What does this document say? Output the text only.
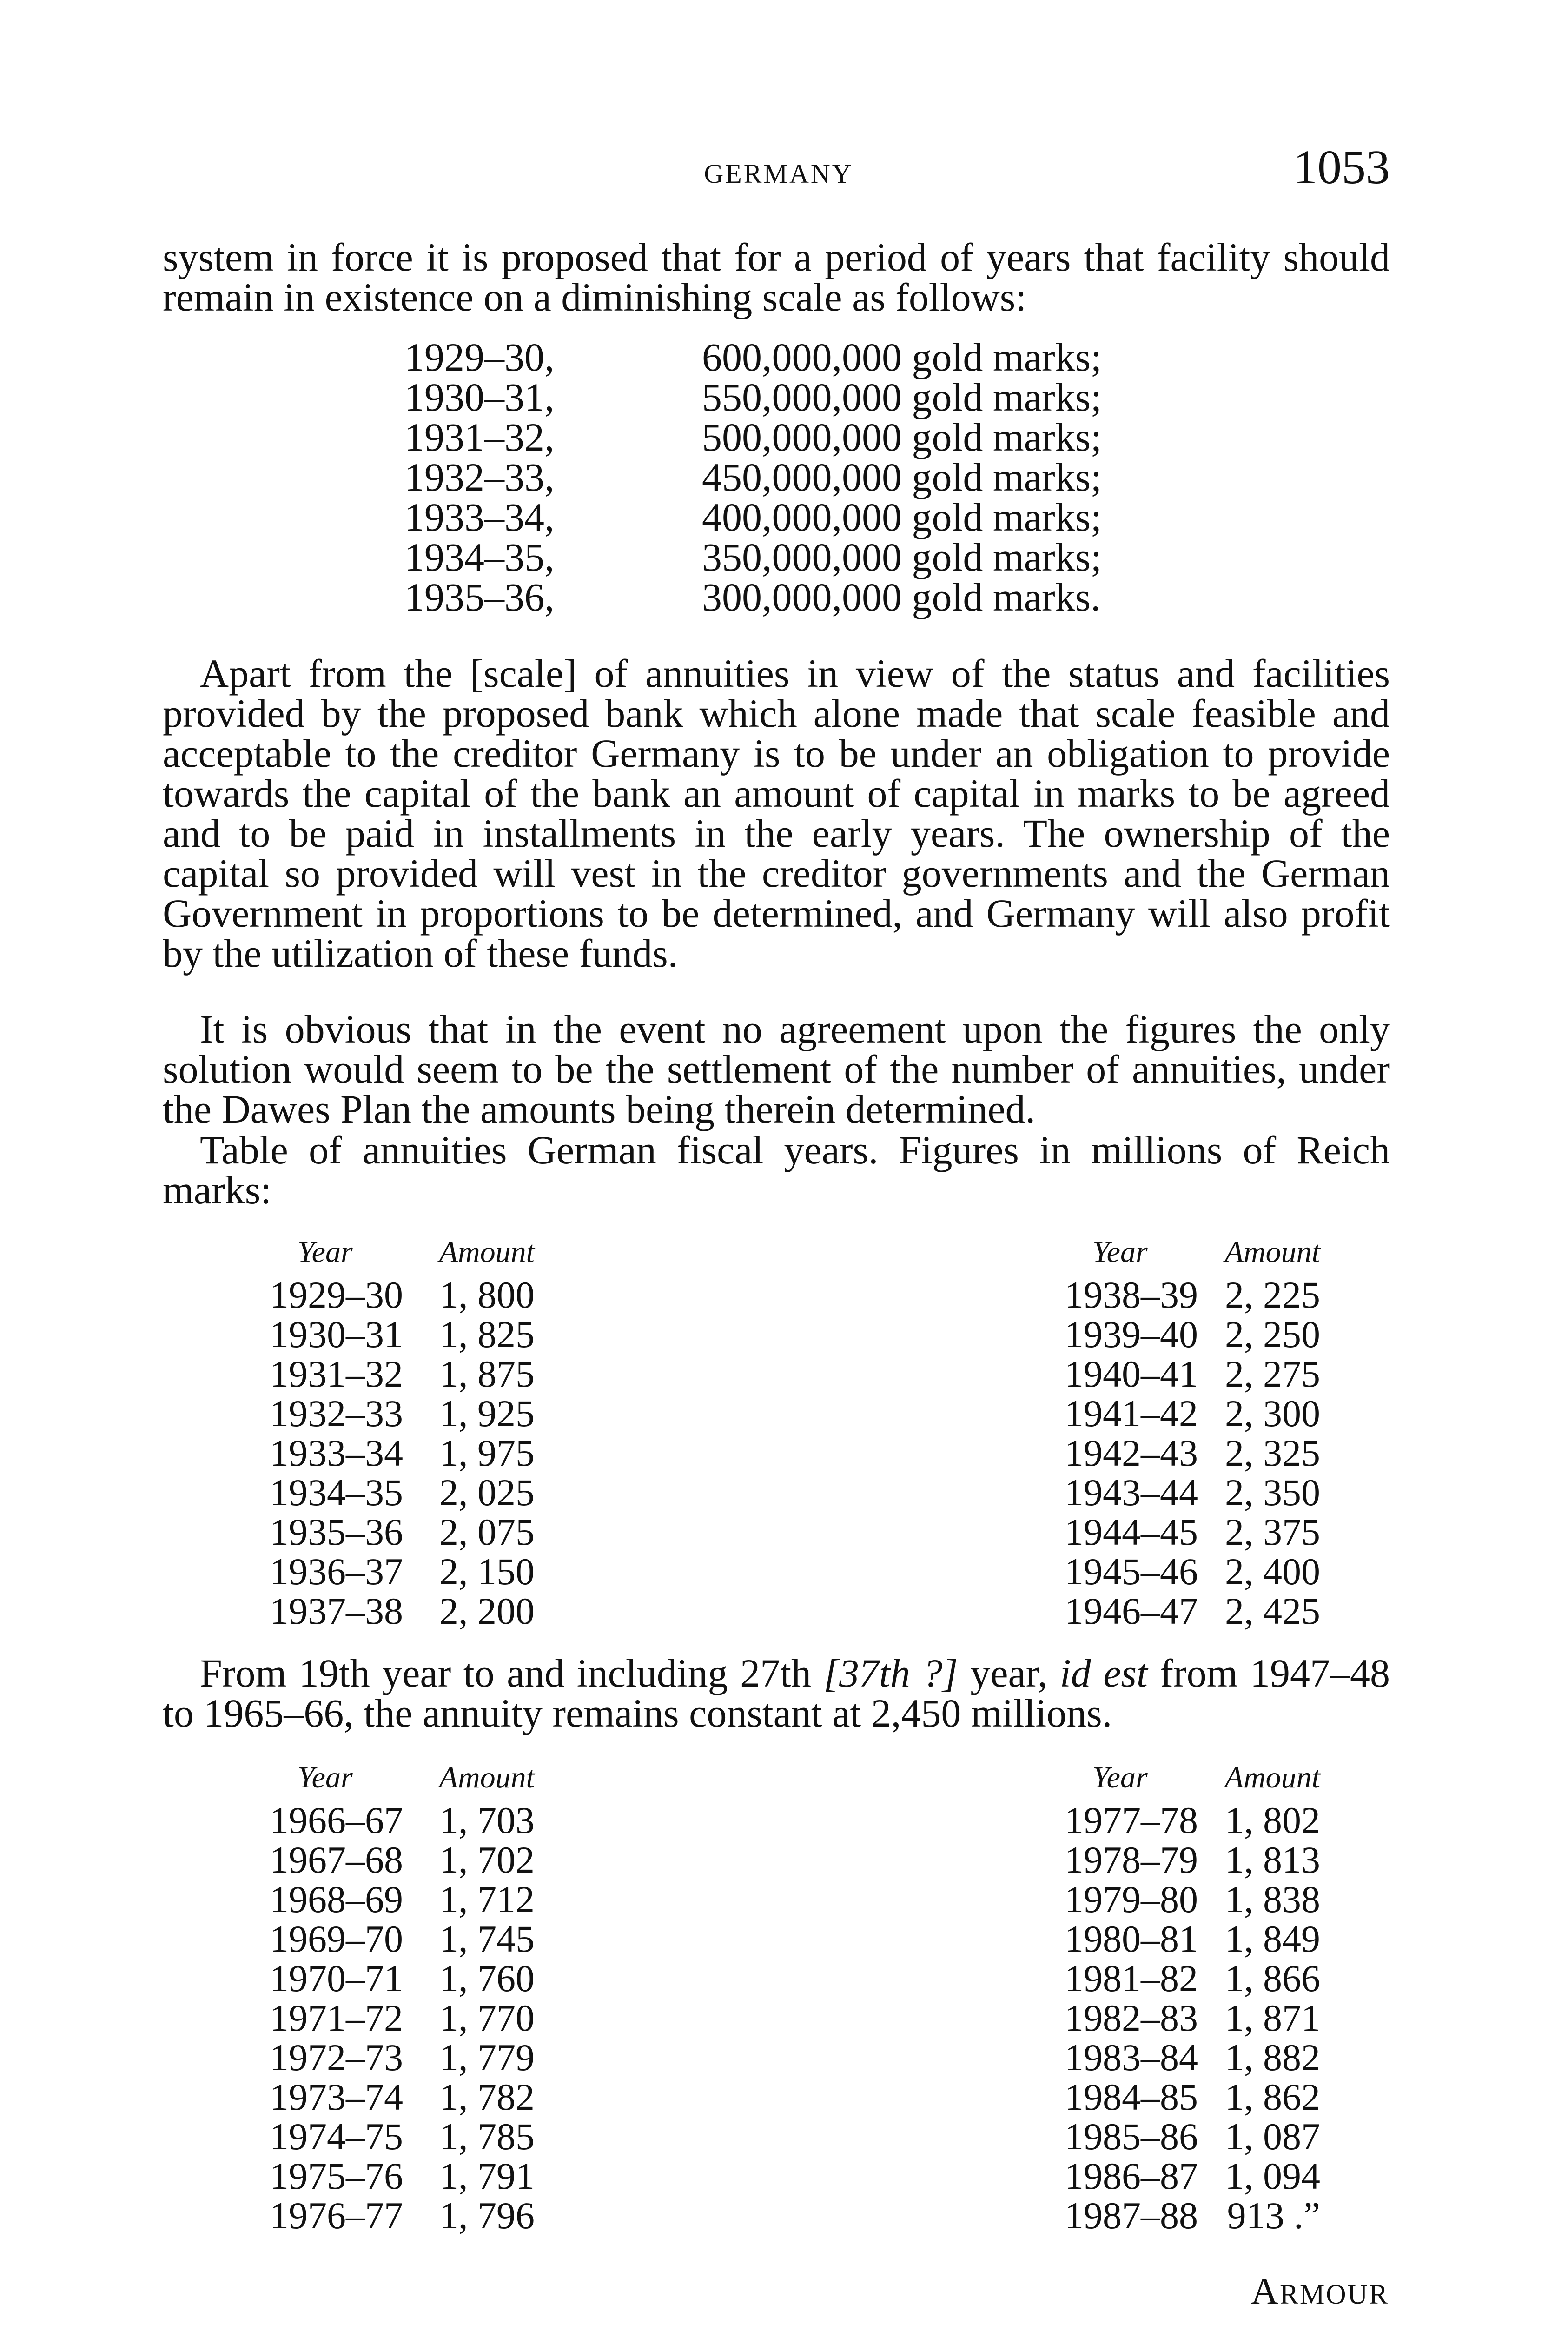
GERMANY	1053

system in force it is proposed that for a period of years that facility should remain in existence on a diminishing scale as follows:

1929–30,	600,000,000 gold marks;
1930–31,	550,000,000 gold marks;
1931–32,	500,000,000 gold marks;
1932–33,	450,000,000 gold marks;
1933–34,	400,000,000 gold marks;
1934–35,	350,000,000 gold marks;
1935–36,	300,000,000 gold marks.

Apart from the [scale] of annuities in view of the status and facilities provided by the proposed bank which alone made that scale feasible and acceptable to the creditor Germany is to be under an obligation to provide towards the capital of the bank an amount of capital in marks to be agreed and to be paid in installments in the early years. The ownership of the capital so provided will vest in the creditor governments and the German Government in proportions to be determined, and Germany will also profit by the utilization of these funds.

It is obvious that in the event no agreement upon the figures the only solution would seem to be the settlement of the number of annuities, under the Dawes Plan the amounts being therein determined.

Table of annuities German fiscal years. Figures in millions of Reich marks:

Year	Amount	Year	Amount
1929–30 1, 800	1938–39 2, 225
1930–31 1, 825	1939–40 2, 250
1931–32 1, 875	1940–41 2, 275
1932–33 1, 925	1941–42 2, 300
1933–34 1, 975	1942–43 2, 325
1934–35 2, 025	1943–44 2, 350
1935–36 2, 075	1944–45 2, 375
1936–37 2, 150	1945–46 2, 400
1937–38 2, 200	1946–47 2, 425

From 19th year to and including 27th [37th ?] year, id est from 1947–48 to 1965–66, the annuity remains constant at 2,450 millions.

Year	Amount	Year	Amount
1966–67 1, 703	1977–78 1, 802
1967–68 1, 702	1978–79 1, 813
1968–69 1, 712	1979–80 1, 838
1969–70 1, 745	1980–81 1, 849
1970–71 1, 760	1981–82 1, 866
1971–72 1, 770	1982–83 1, 871
1972–73 1, 779	1983–84 1, 882
1973–74 1, 782	1984–85 1, 862
1974–75 1, 785	1985–86 1, 087
1975–76 1, 791	1986–87 1, 094
1976–77 1, 796	1987–88 913 .”
ARMOUR
